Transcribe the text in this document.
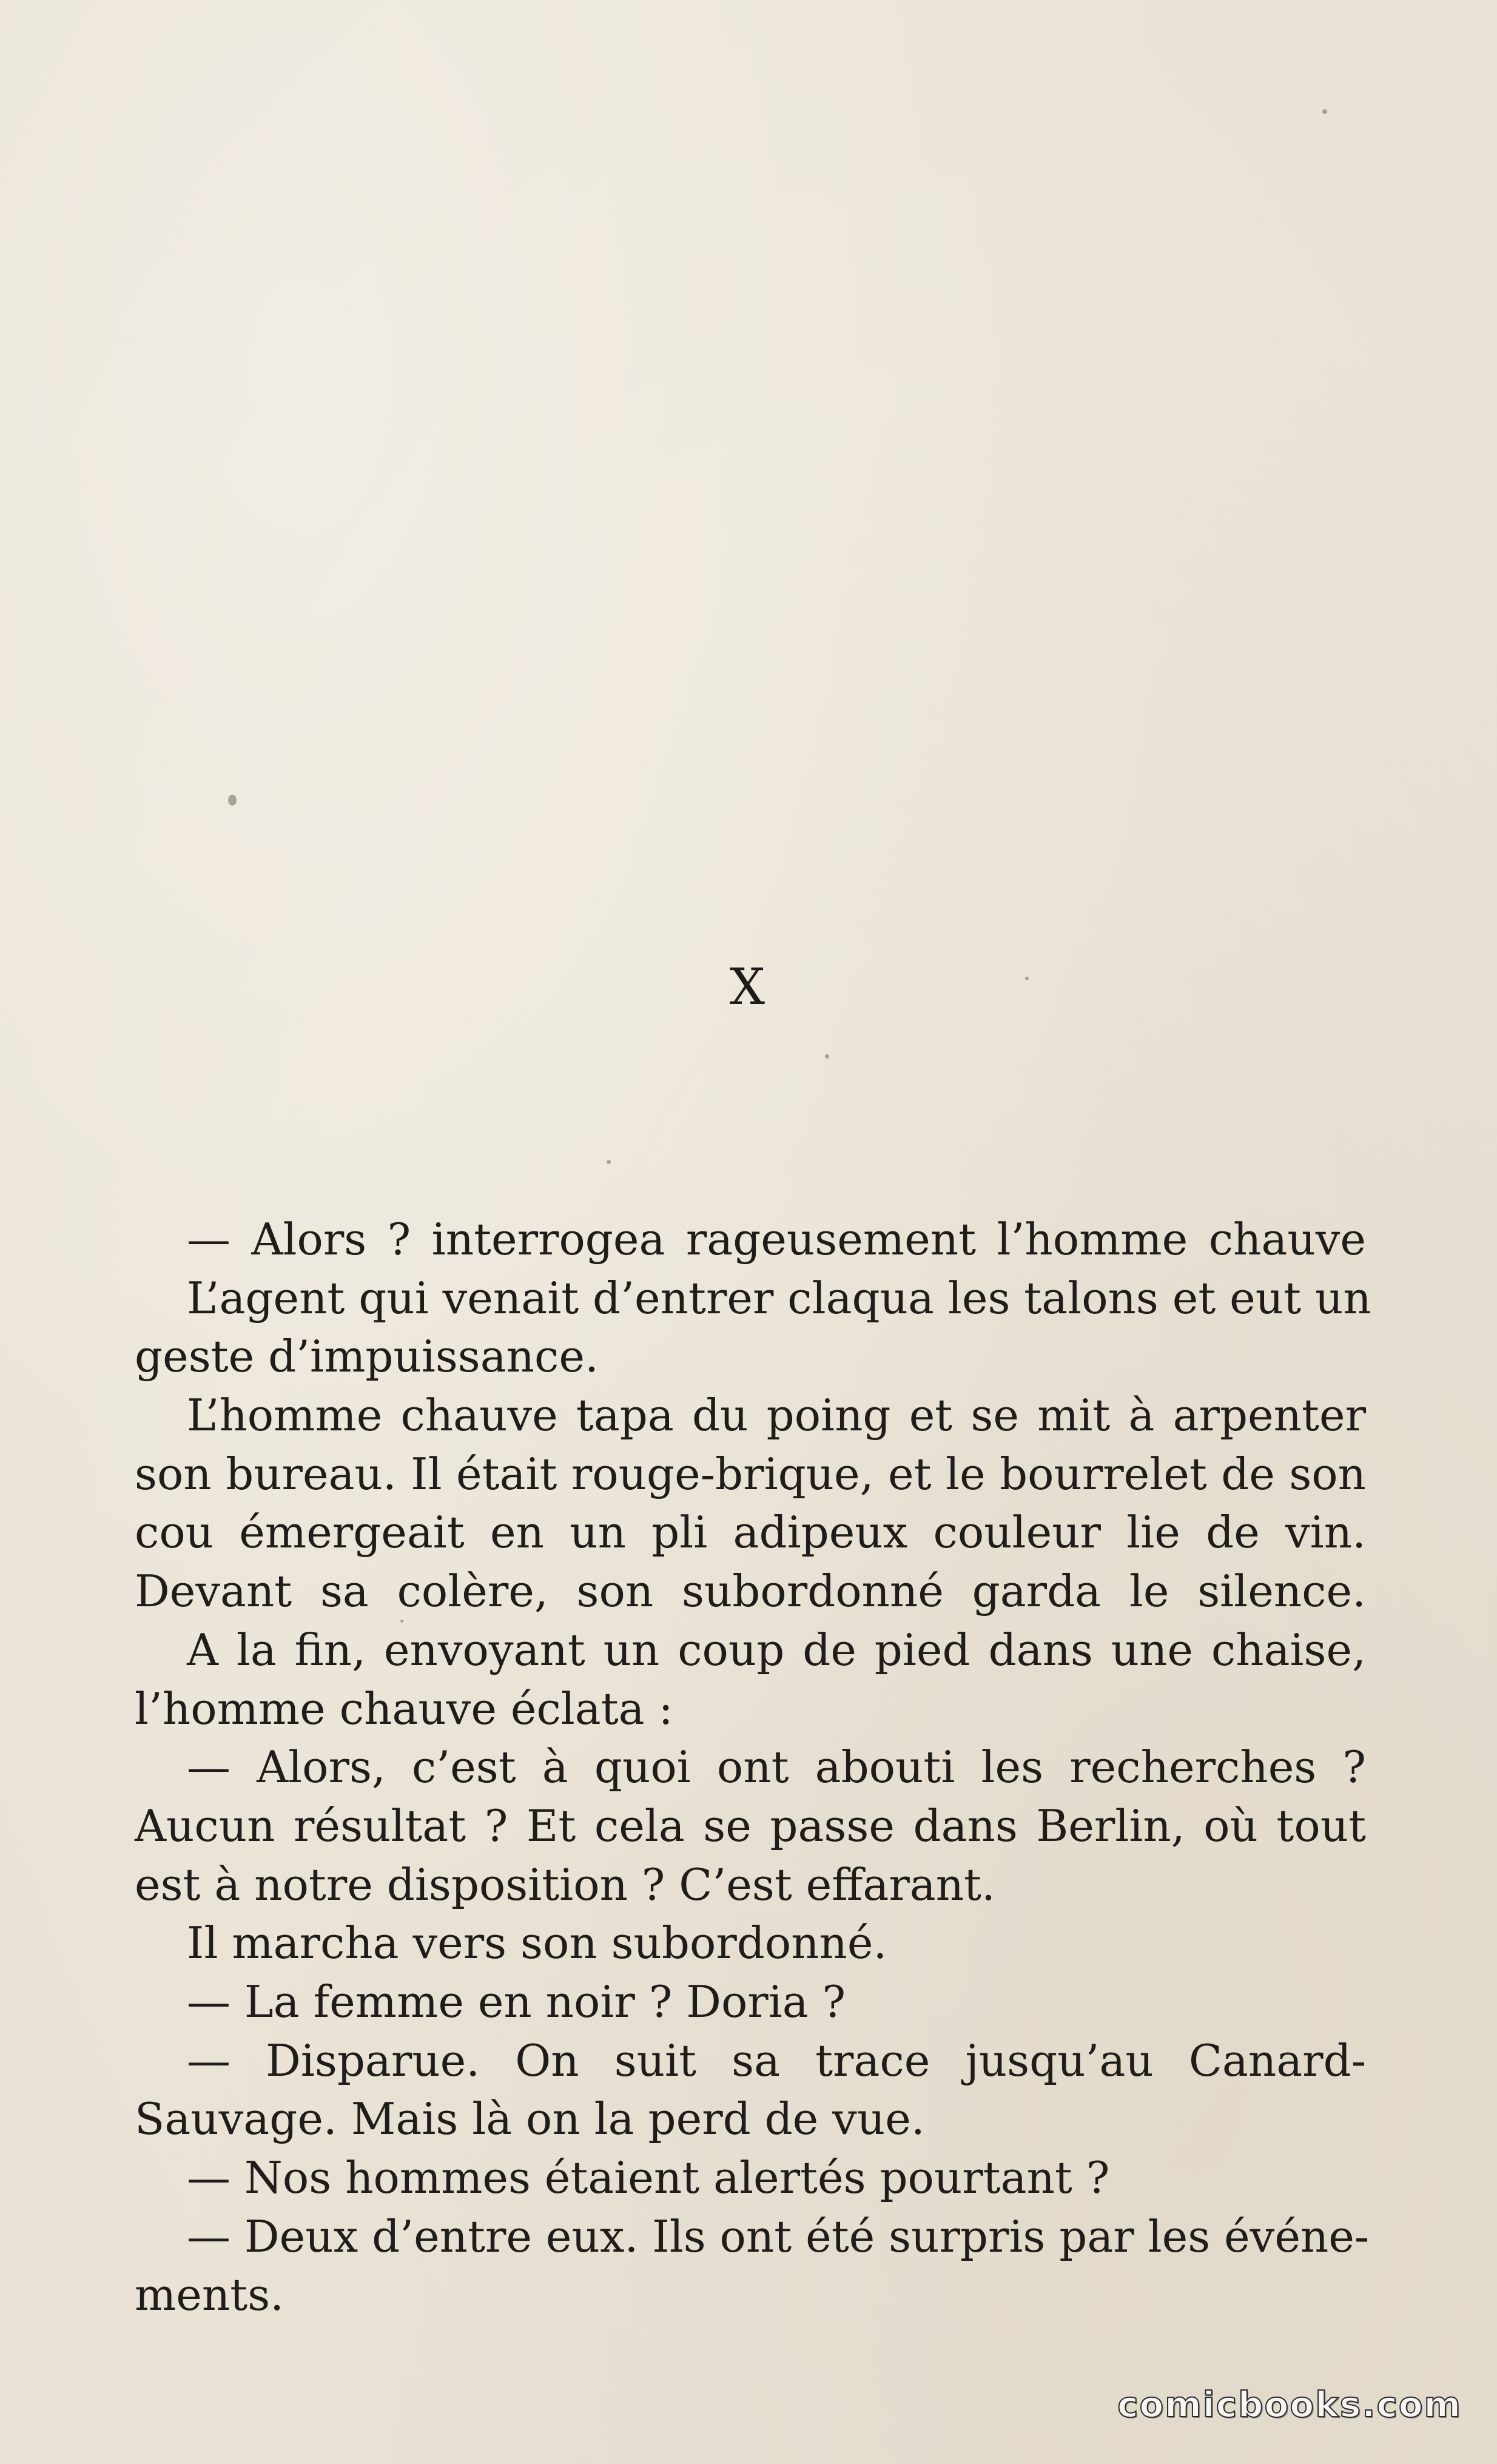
X
— Alors ? interrogea rageusement l’homme chauve
L’agent qui venait d’entrer claqua les talons et eut un
geste d’impuissance.
L’homme chauve tapa du poing et se mit à arpenter
son bureau. Il était rouge-brique, et le bourrelet de son
cou émergeait en un pli adipeux couleur lie de vin.
Devant sa colère, son subordonné garda le silence.
A la fin, envoyant un coup de pied dans une chaise,
l’homme chauve éclata :
— Alors, c’est à quoi ont abouti les recherches ?
Aucun résultat ? Et cela se passe dans Berlin, où tout
est à notre disposition ? C’est effarant.
Il marcha vers son subordonné.
— La femme en noir ? Doria ?
— Disparue. On suit sa trace jusqu’au Canard-
Sauvage. Mais là on la perd de vue.
— Nos hommes étaient alertés pourtant ?
— Deux d’entre eux. Ils ont été surpris par les événe-
ments.
comicbooks.com
